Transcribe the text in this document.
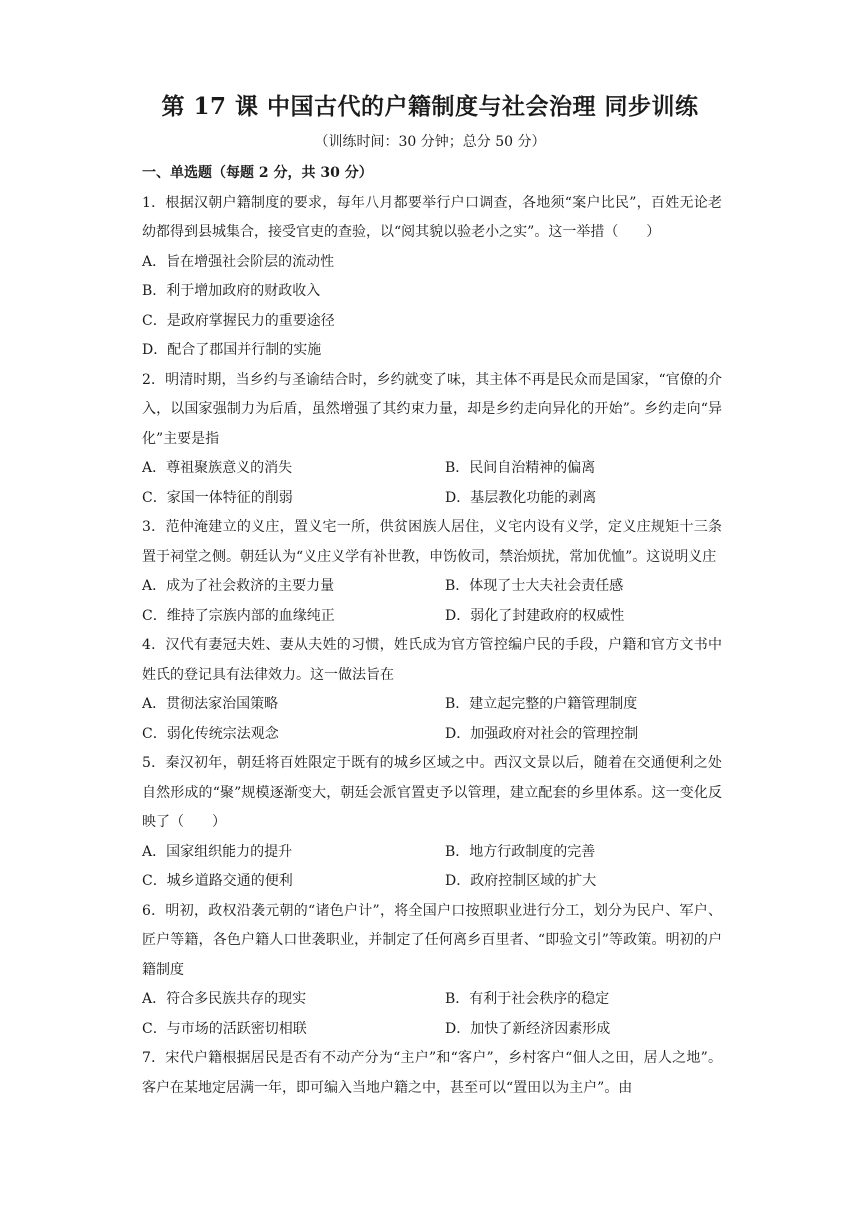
第 17 课 中国古代的户籍制度与社会治理 同步训练

（训练时间：30 分钟；总分 50 分）

一、单选题（每题 2 分，共 30 分）

1．根据汉朝户籍制度的要求，每年八月都要举行户口调查，各地须“案户比民”，百姓无论老幼都得到县城集合，接受官吏的查验，以“阅其貌以验老小之实”。这一举措（　　）

A．旨在增强社会阶层的流动性

B．利于增加政府的财政收入

C．是政府掌握民力的重要途径

D．配合了郡国并行制的实施

2．明清时期，当乡约与圣谕结合时，乡约就变了味，其主体不再是民众而是国家，“官僚的介入，以国家强制力为后盾，虽然增强了其约束力量，却是乡约走向异化的开始”。乡约走向“异化”主要是指

A．尊祖聚族意义的消失	B．民间自治精神的偏离

C．家国一体特征的削弱	D．基层教化功能的剥离

3．范仲淹建立的义庄，置义宅一所，供贫困族人居住，义宅内设有义学，定义庄规矩十三条置于祠堂之侧。朝廷认为“义庄义学有补世教，申饬攸司，禁治烦扰，常加优恤”。这说明义庄

A．成为了社会救济的主要力量	B．体现了士大夫社会责任感

C．维持了宗族内部的血缘纯正	D．弱化了封建政府的权威性

4．汉代有妻冠夫姓、妻从夫姓的习惯，姓氏成为官方管控编户民的手段，户籍和官方文书中姓氏的登记具有法律效力。这一做法旨在

A．贯彻法家治国策略	B．建立起完整的户籍管理制度

C．弱化传统宗法观念	D．加强政府对社会的管理控制

5．秦汉初年，朝廷将百姓限定于既有的城乡区域之中。西汉文景以后，随着在交通便利之处自然形成的“聚”规模逐渐变大，朝廷会派官置吏予以管理，建立配套的乡里体系。这一变化反映了（　　）

A．国家组织能力的提升	B．地方行政制度的完善

C．城乡道路交通的便利	D．政府控制区域的扩大

6．明初，政权沿袭元朝的“诸色户计”，将全国户口按照职业进行分工，划分为民户、军户、匠户等籍，各色户籍人口世袭职业，并制定了任何离乡百里者、“即验文引”等政策。明初的户籍制度

A．符合多民族共存的现实	B．有利于社会秩序的稳定

C．与市场的活跃密切相联	D．加快了新经济因素形成

7．宋代户籍根据居民是否有不动产分为“主户”和“客户”，乡村客户“佃人之田，居人之地”。客户在某地定居满一年，即可编入当地户籍之中，甚至可以“置田以为主户”。由
